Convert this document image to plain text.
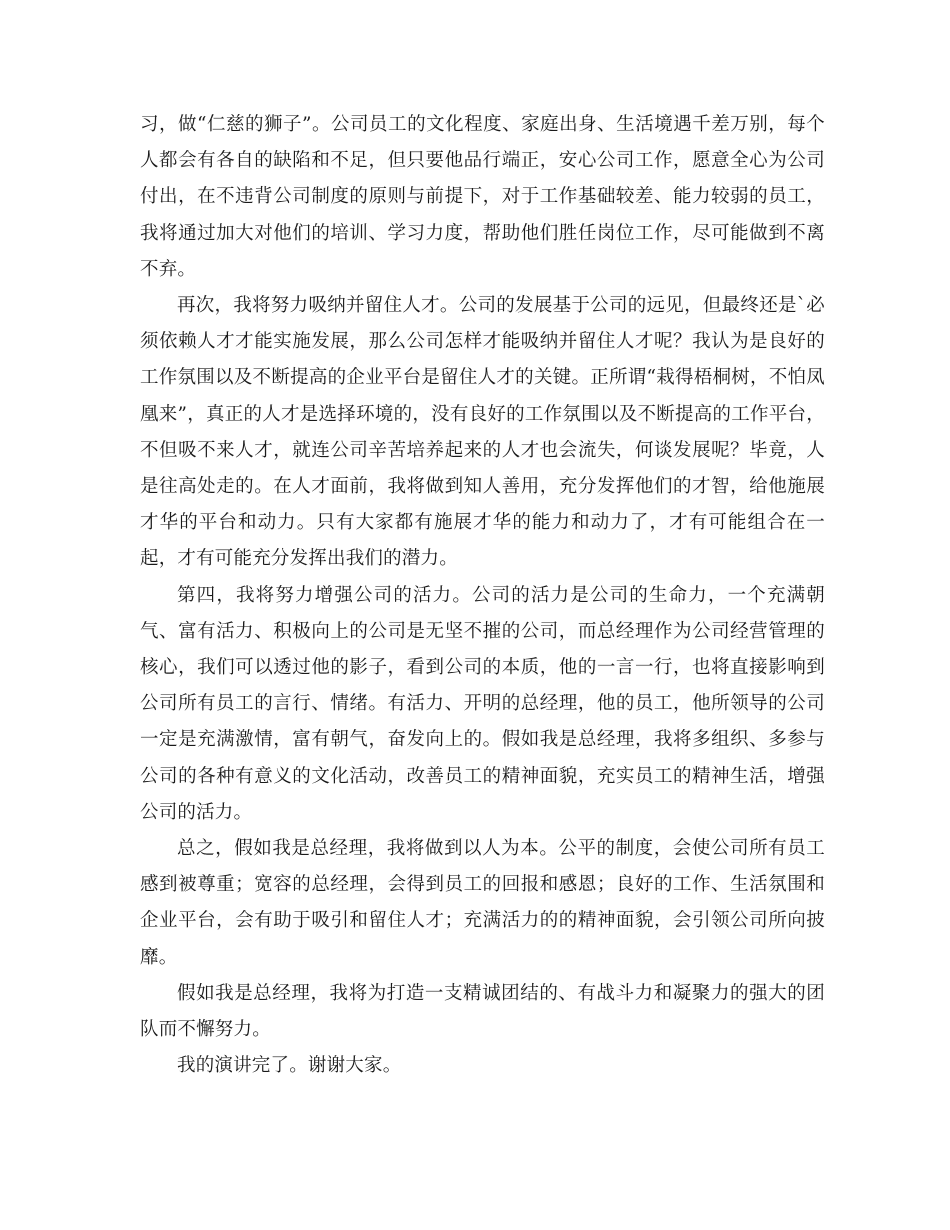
习，做“仁慈的狮子”。公司员工的文化程度、家庭出身、生活境遇千差万别，每个人都会有各自的缺陷和不足，但只要他品行端正，安心公司工作，愿意全心为公司付出，在不违背公司制度的原则与前提下，对于工作基础较差、能力较弱的员工，我将通过加大对他们的培训、学习力度，帮助他们胜任岗位工作，尽可能做到不离不弃。

再次，我将努力吸纳并留住人才。公司的发展基于公司的远见，但最终还是`必须依赖人才才能实施发展，那么公司怎样才能吸纳并留住人才呢？我认为是良好的工作氛围以及不断提高的企业平台是留住人才的关键。正所谓“栽得梧桐树，不怕凤凰来”，真正的人才是选择环境的，没有良好的工作氛围以及不断提高的工作平台，不但吸不来人才，就连公司辛苦培养起来的人才也会流失，何谈发展呢？毕竟，人是往高处走的。在人才面前，我将做到知人善用，充分发挥他们的才智，给他施展才华的平台和动力。只有大家都有施展才华的能力和动力了，才有可能组合在一起，才有可能充分发挥出我们的潜力。

第四，我将努力增强公司的活力。公司的活力是公司的生命力，一个充满朝气、富有活力、积极向上的公司是无坚不摧的公司，而总经理作为公司经营管理的核心，我们可以透过他的影子，看到公司的本质，他的一言一行，也将直接影响到公司所有员工的言行、情绪。有活力、开明的总经理，他的员工，他所领导的公司一定是充满激情，富有朝气，奋发向上的。假如我是总经理，我将多组织、多参与公司的各种有意义的文化活动，改善员工的精神面貌，充实员工的精神生活，增强公司的活力。

总之，假如我是总经理，我将做到以人为本。公平的制度，会使公司所有员工感到被尊重；宽容的总经理，会得到员工的回报和感恩；良好的工作、生活氛围和企业平台，会有助于吸引和留住人才；充满活力的的精神面貌，会引领公司所向披靡。

假如我是总经理，我将为打造一支精诚团结的、有战斗力和凝聚力的强大的团队而不懈努力。

我的演讲完了。谢谢大家。
